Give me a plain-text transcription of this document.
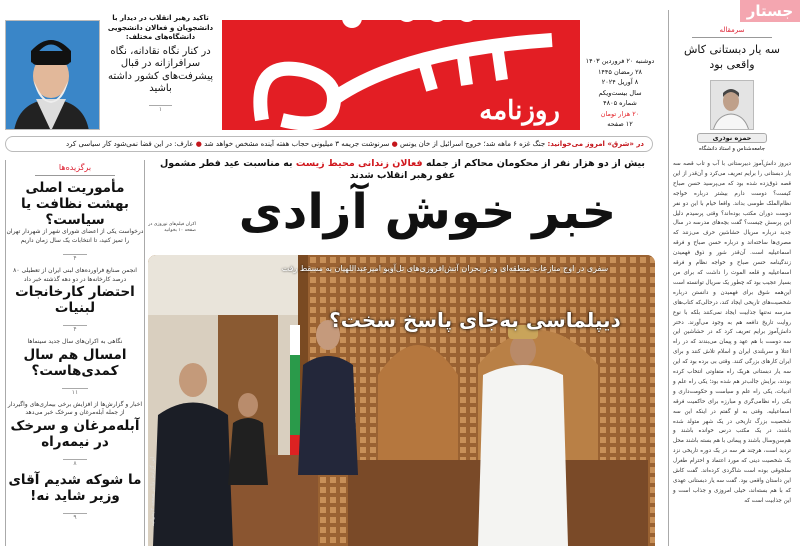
تاکید رهبر انقلاب در دیدار با دانشجویان و فعالان دانشجویی دانشگاه‌های مختلف:
در کنار نگاه نقادانه، نگاه سرافرازانه در قبال پیشرفت‌های کشور داشته باشید
۱	روزنامه
دوشنبه ۲۰ فروردین ۱۴۰۳
۲۸ رمضان ۱۴۴۵
۸ آوریل ۲۰۲۴
سال بیست‌ویکم
شماره ۴۸۰۵
۲۰ هزار تومان
۱۲ صفحه
در «شرق» امروز می‌خوانید: جنگ غزه ۶ ماهه شد؛ خروج اسرائیل از خان یونس ● سرنوشت جریمه ۳ میلیونی حجاب هفته آینده مشخص خواهد شد ● عارف: در این فضا نمی‌شود کار سیاسی کرد
برگزیده‌ها
مأموریت اصلی بهشت نظافت یا سیاست؟
درخواست یکی از اعضای شورای شهر از شهردار تهران را تمیز کنید، تا انتخابات یک سال زمان داریم
۴
انجمن صنایع فراورده‌های لبنی ایران از تعطیلی ۸۰ درصد کارخانه‌ها در دو دهه گذشته خبر داد
احتضار کارخانجات لبنیات
۴
نگاهی به اکران‌های سال جدید سینماها
امسال هم سال کمدی‌هاست؟
۱۱
اخبار و گزارش‌ها از افزایش برخی بیماری‌های واگیردار از جمله آبله‌مرغان و سرخک خبر می‌دهد
آبله‌مرغان و سرخک در نیمه‌راه
۸
ما شوکه شدیم آقای وزیر شاید نه!
۹
بیش از دو هزار نفر از محکومان محاکم از جمله فعالان زندانی محیط زیست به مناسبت عید فطر مشمول عفو رهبر انقلاب شدند
خبر خوش آزادی
اکران فیلم‌های نوروزی در صفحه ۱۰ بخوانید
سفری در اوج منازعات منطقه‌ای و در بحران آتش‌افروزی‌های تل‌آویو امیرعبداللهیان به مسقط رفت
دیپلماسی به‌جای پاسخ سخت؟
این گزارش را در صفحه ۲ بخوانید
جستار
سرمقاله
سه یار دبستانی کاش واقعی بود
حمزه نوذری
جامعه‌شناس و استاد دانشگاه
دیروز دانش‌آموز دبیرستانی با آب و تاب قصه سه یار دبستانی را برایم تعریف می‌کرد و آن‌قدر از این قصه ذوق‌زده شده بود که می‌پرسید حسن صباح کیست؟ دوست دارم بیشتر درباره خواجه نظام‌الملک طوسی بداند. واقعا خیام با این دو نفر دوست دوران مکتب بوده‌اند؟ وقتی پرسیدم دلیل این پرسش چیست؟ گفت بچه‌های مدرسه در سال جدید درباره سریال حشاشین حرف می‌زنند که مصری‌ها ساخته‌اند و درباره حسن صباح و فرقه اسماعیلیه است. آن‌قدر شور و ذوق فهمیدن زندگینامه حسن صباح و خواجه نظام و فرقه اسماعیلیه و قلعه الموت را داشت که برای من بسیار عجیب بود که چطور یک سریال توانسته است این‌همه شوق برای فهمیدن و دانستن درباره شخصیت‌های تاریخی ایجاد کند، درحالی‌که کتاب‌های مدرسه نه‌تنها جذابیت ایجاد نمی‌کنند بلکه با نوع روایت تاریخ دافعه هم به وجود می‌آورند. دختر دانش‌آموز برایم تعریف کرد که در حشاشین این سه دوست با هم عهد و پیمان می‌بندند که در راه اعتلا و سربلندی ایران و اسلام تلاش کنند و برای ایران کارهای بزرگی کنند. وقتی بی برده بود که این سه یار دبستانی هریک راه متفاوتی انتخاب کرده بودند، برایش جالب‌تر هم شده بود؛ یکی راه علم و ادبیات، یکی راه علم و سیاست و حکومت‌داری و یکی راه نظامی‌گری و مبارزه برای حاکمیت فرقه اسماعیلیه. وقتی به او گفتم در اینکه این سه شخصیت بزرگ تاریخی در یک شهر متولد شده باشند، در یک مکتب درس خوانده باشند و هم‌سن‌وسال باشند و پیمانی با هم بسته باشند محل تردید است، هرچند هر سه در یک دوره تاریخی نزد یک شخصیت دینی که مورد اعتماد و احترام طغرل سلجوقی بوده است شاگردی کرده‌اند. گفت کاش این داستان واقعی بود. گفت سه یار دبستانی عهدی که با هم بسته‌اند، خیلی امروزی و جذاب است و این جذابیت است که
